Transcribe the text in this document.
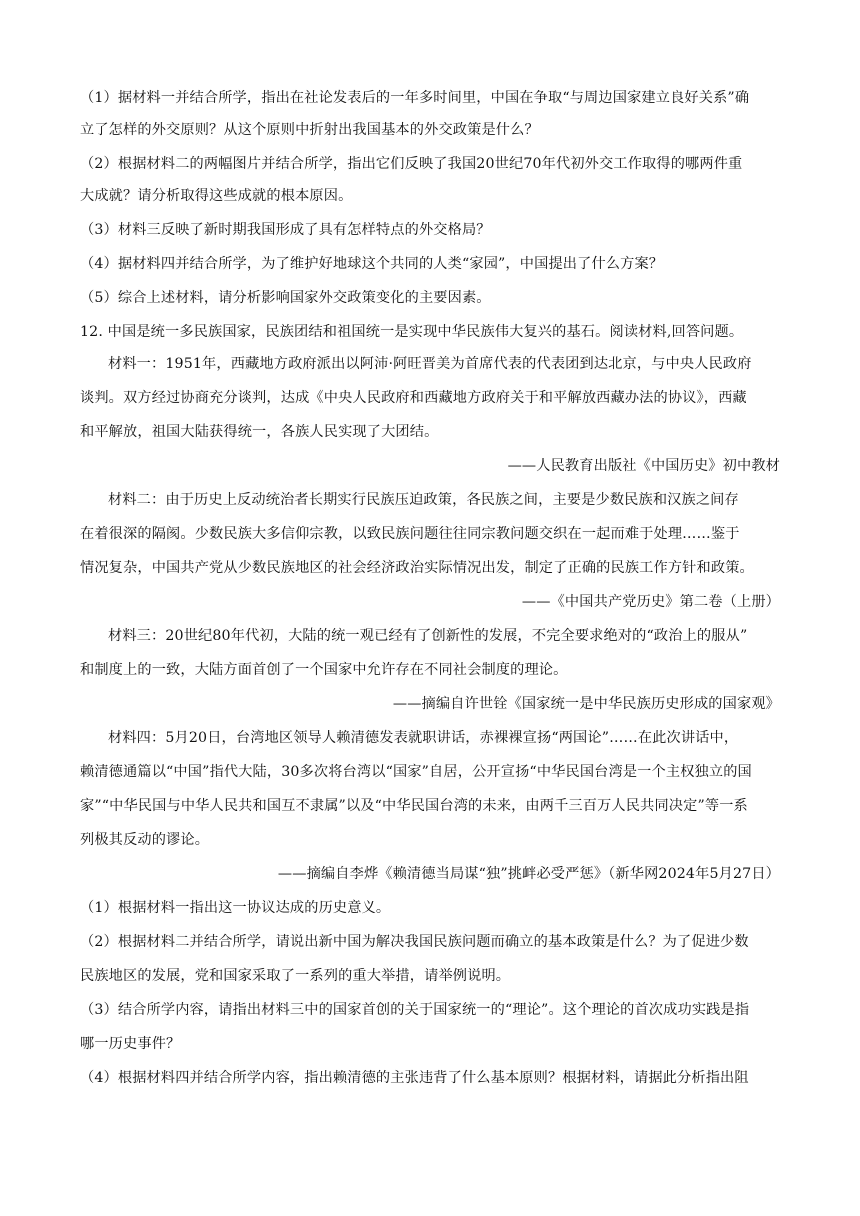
（1）据材料一并结合所学，指出在社论发表后的一年多时间里，中国在争取“与周边国家建立良好关系”确
立了怎样的外交原则？从这个原则中折射出我国基本的外交政策是什么？
（2）根据材料二的两幅图片并结合所学，指出它们反映了我国20世纪70年代初外交工作取得的哪两件重
大成就？请分析取得这些成就的根本原因。
（3）材料三反映了新时期我国形成了具有怎样特点的外交格局？
（4）据材料四并结合所学，为了维护好地球这个共同的人类“家园”，中国提出了什么方案？
（5）综合上述材料，请分析影响国家外交政策变化的主要因素。
12. 中国是统一多民族国家，民族团结和祖国统一是实现中华民族伟大复兴的基石。阅读材料,回答问题。
材料一：1951年，西藏地方政府派出以阿沛·阿旺晋美为首席代表的代表团到达北京，与中央人民政府
谈判。双方经过协商充分谈判，达成《中央人民政府和西藏地方政府关于和平解放西藏办法的协议》，西藏
和平解放，祖国大陆获得统一，各族人民实现了大团结。
——人民教育出版社《中国历史》初中教材
材料二：由于历史上反动统治者长期实行民族压迫政策，各民族之间，主要是少数民族和汉族之间存
在着很深的隔阂。少数民族大多信仰宗教，以致民族问题往往同宗教问题交织在一起而难于处理……鉴于
情况复杂，中国共产党从少数民族地区的社会经济政治实际情况出发，制定了正确的民族工作方针和政策。
——《中国共产党历史》第二卷（上册）
材料三：20世纪80年代初，大陆的统一观已经有了创新性的发展，不完全要求绝对的“政治上的服从”
和制度上的一致，大陆方面首创了一个国家中允许存在不同社会制度的理论。
——摘编自许世铨《国家统一是中华民族历史形成的国家观》
材料四：5月20日，台湾地区领导人赖清德发表就职讲话，赤裸裸宣扬“两国论”……在此次讲话中，
赖清德通篇以“中国”指代大陆，30多次将台湾以“国家”自居，公开宣扬“中华民国台湾是一个主权独立的国
家”“中华民国与中华人民共和国互不隶属”以及“中华民国台湾的未来，由两千三百万人民共同决定”等一系
列极其反动的谬论。
——摘编自李烨《赖清德当局谋“独”挑衅必受严惩》（新华网2024年5月27日）
（1）根据材料一指出这一协议达成的历史意义。
（2）根据材料二并结合所学，请说出新中国为解决我国民族问题而确立的基本政策是什么？为了促进少数
民族地区的发展，党和国家采取了一系列的重大举措，请举例说明。
（3）结合所学内容，请指出材料三中的国家首创的关于国家统一的“理论”。这个理论的首次成功实践是指
哪一历史事件？
（4）根据材料四并结合所学内容，指出赖清德的主张违背了什么基本原则？根据材料，请据此分析指出阻
